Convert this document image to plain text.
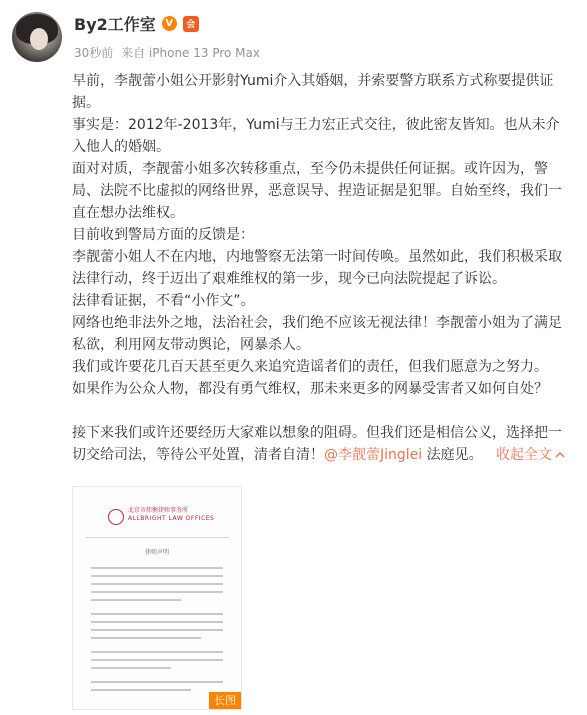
By2工作室 V	会
30秒前 来自 iPhone 13 Pro Max

早前，李靓蕾小姐公开影射Yumi介入其婚姻，并索要警方联系方式称要提供证据。

事实是：2012年-2013年，Yumi与王力宏正式交往，彼此密友皆知。也从未介入他人的婚姻。

面对对质，李靓蕾小姐多次转移重点，至今仍未提供任何证据。或许因为，警局、法院不比虚拟的网络世界，恶意误导、捏造证据是犯罪。自始至终，我们一直在想办法维权。

目前收到警局方面的反馈是：

李靓蕾小姐人不在内地，内地警察无法第一时间传唤。虽然如此，我们积极采取法律行动，终于迈出了艰难维权的第一步，现今已向法院提起了诉讼。

法律看证据，不看“小作文”。

网络也绝非法外之地，法治社会，我们绝不应该无视法律！李靓蕾小姐为了满足私欲，利用网友带动舆论，网暴杀人。

我们或许要花几百天甚至更久来追究造谣者们的责任，但我们愿意为之努力。

如果作为公众人物，都没有勇气维权，那未来更多的网暴受害者又如何自处？

接下来我们或许还要经历大家难以想象的阻碍。但我们还是相信公义，选择把一切交给司法，等待公平处置，清者自清！@李靓蕾Jinglei 法庭见。 收起全文

北京市炜衡律师事务所
ALLBRIGHT LAW OFFICES
律师声明
长图
